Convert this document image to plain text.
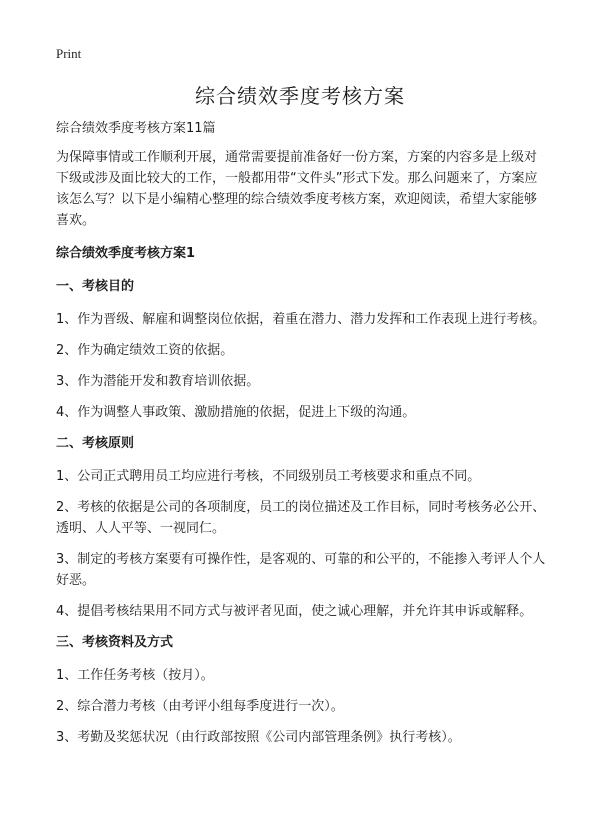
Print
综合绩效季度考核方案

综合绩效季度考核方案11篇

为保障事情或工作顺利开展，通常需要提前准备好一份方案，方案的内容多是上级对下级或涉及面比较大的工作，一般都用带“文件头”形式下发。那么问题来了，方案应该怎么写？以下是小编精心整理的综合绩效季度考核方案，欢迎阅读，希望大家能够喜欢。

综合绩效季度考核方案1

一、考核目的

1、作为晋级、解雇和调整岗位依据，着重在潜力、潜力发挥和工作表现上进行考核。

2、作为确定绩效工资的依据。

3、作为潜能开发和教育培训依据。

4、作为调整人事政策、激励措施的依据，促进上下级的沟通。

二、考核原则

1、公司正式聘用员工均应进行考核，不同级别员工考核要求和重点不同。

2、考核的依据是公司的各项制度，员工的岗位描述及工作目标，同时考核务必公开、透明、人人平等、一视同仁。

3、制定的考核方案要有可操作性，是客观的、可靠的和公平的，不能掺入考评人个人好恶。

4、提倡考核结果用不同方式与被评者见面，使之诚心理解，并允许其申诉或解释。

三、考核资料及方式

1、工作任务考核（按月）。

2、综合潜力考核（由考评小组每季度进行一次）。

3、考勤及奖惩状况（由行政部按照《公司内部管理条例》执行考核）。
